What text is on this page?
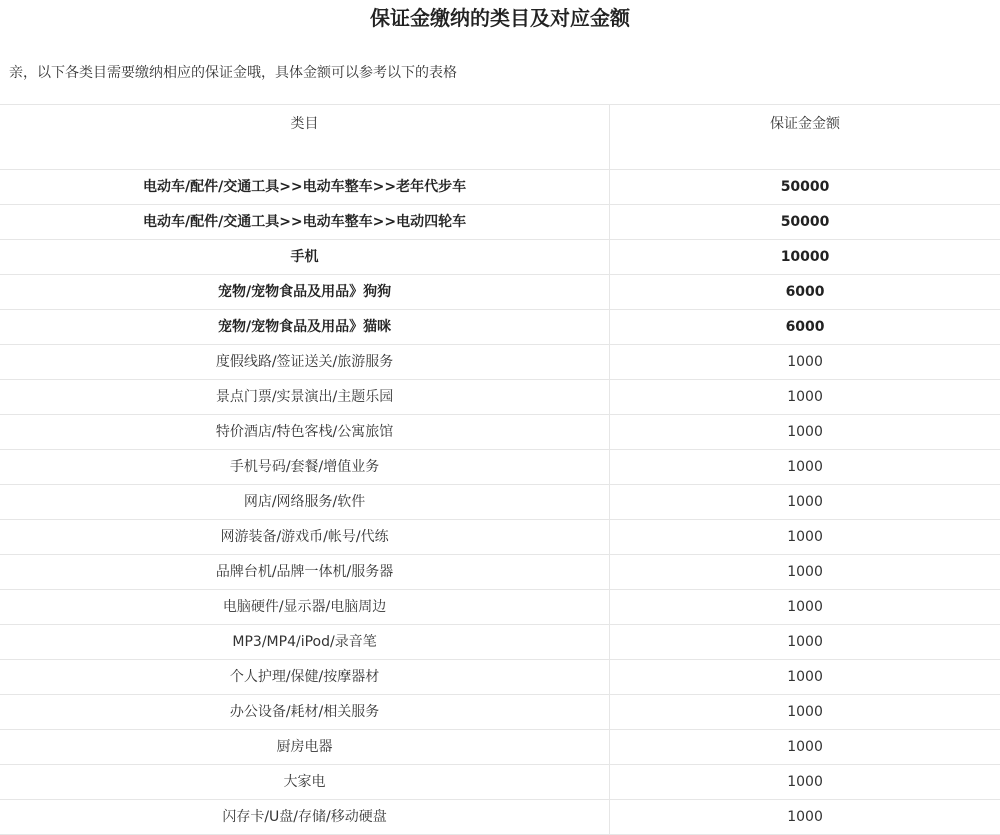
保证金缴纳的类目及对应金额
亲，以下各类目需要缴纳相应的保证金哦，具体金额可以参考以下的表格
类目	保证金金额
电动车/配件/交通工具>>电动车整车>>老年代步车	50000
电动车/配件/交通工具>>电动车整车>>电动四轮车	50000
手机	10000
宠物/宠物食品及用品》狗狗	6000
宠物/宠物食品及用品》猫咪	6000
度假线路/签证送关/旅游服务	1000
景点门票/实景演出/主题乐园	1000
特价酒店/特色客栈/公寓旅馆	1000
手机号码/套餐/增值业务	1000
网店/网络服务/软件	1000
网游装备/游戏币/帐号/代练	1000
品牌台机/品牌一体机/服务器	1000
电脑硬件/显示器/电脑周边	1000
MP3/MP4/iPod/录音笔	1000
个人护理/保健/按摩器材	1000
办公设备/耗材/相关服务	1000
厨房电器	1000
大家电	1000
闪存卡/U盘/存储/移动硬盘	1000
